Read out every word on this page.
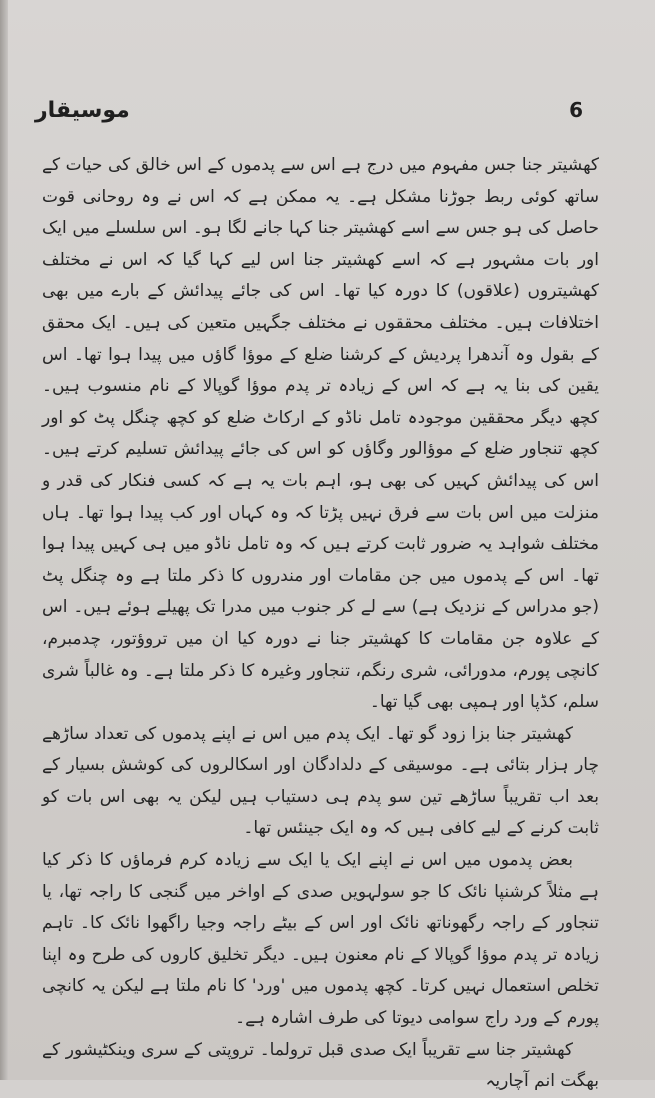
موسیقار	6

کھشیتر جنا جس مفہوم میں درج ہے اس سے پدموں کے اس خالق کی حیات کے ساتھ کوئی ربط جوڑنا مشکل ہے۔ یہ ممکن ہے کہ اس نے وہ روحانی قوت حاصل کی ہو جس سے اسے کھشیتر جنا کہا جانے لگا ہو۔ اس سلسلے میں ایک اور بات مشہور ہے کہ اسے کھشیتر جنا اس لیے کہا گیا کہ اس نے مختلف کھشیتروں (علاقوں) کا دورہ کیا تھا۔ اس کی جائے پیدائش کے بارے میں بھی اختلافات ہیں۔ مختلف محققوں نے مختلف جگہیں متعین کی ہیں۔ ایک محقق کے بقول وہ آندھرا پردیش کے کرشنا ضلع کے موؤا گاؤں میں پیدا ہوا تھا۔ اس یقین کی بنا یہ ہے کہ اس کے زیادہ تر پدم موؤا گوپالا کے نام منسوب ہیں۔ کچھ دیگر محققین موجودہ تامل ناڈو کے ارکاٹ ضلع کو کچھ چنگل پٹ کو اور کچھ تنجاور ضلع کے موؤالور وگاؤں کو اس کی جائے پیدائش تسلیم کرتے ہیں۔ اس کی پیدائش کہیں کی بھی ہو، اہم بات یہ ہے کہ کسی فنکار کی قدر و منزلت میں اس بات سے فرق نہیں پڑتا کہ وہ کہاں اور کب پیدا ہوا تھا۔ ہاں مختلف شواہد یہ ضرور ثابت کرتے ہیں کہ وہ تامل ناڈو میں ہی کہیں پیدا ہوا تھا۔ اس کے پدموں میں جن مقامات اور مندروں کا ذکر ملتا ہے وہ چنگل پٹ (جو مدراس کے نزدیک ہے) سے لے کر جنوب میں مدرا تک پھیلے ہوئے ہیں۔ اس کے علاوہ جن مقامات کا کھشیتر جنا نے دورہ کیا ان میں تروؤتور، چدمبرم، کانچی پورم، مدورائی، شری رنگم، تنجاور وغیرہ کا ذکر ملتا ہے۔ وہ غالباً شری سلم، کڈپا اور ہمپی بھی گیا تھا۔

کھشیتر جنا بزا زود گو تھا۔ ایک پدم میں اس نے اپنے پدموں کی تعداد ساڑھے چار ہزار بتائی ہے۔ موسیقی کے دلدادگان اور اسکالروں کی کوشش بسیار کے بعد اب تقریباً ساڑھے تین سو پدم ہی دستیاب ہیں لیکن یہ بھی اس بات کو ثابت کرنے کے لیے کافی ہیں کہ وہ ایک جینئس تھا۔

بعض پدموں میں اس نے اپنے ایک یا ایک سے زیادہ کرم فرماؤں کا ذکر کیا ہے مثلاً کرشنپا نائک کا جو سولہویں صدی کے اواخر میں گنجی کا راجہ تھا، یا تنجاور کے راجہ رگھوناتھ نائک اور اس کے بیٹے راجہ وجیا راگھوا نائک کا۔ تاہم زیادہ تر پدم موؤا گوپالا کے نام معنون ہیں۔ دیگر تخلیق کاروں کی طرح وہ اپنا تخلص استعمال نہیں کرتا۔ کچھ پدموں میں 'ورد' کا نام ملتا ہے لیکن یہ کانچی پورم کے ورد راج سوامی دیوتا کی طرف اشارہ ہے۔

کھشیتر جنا سے تقریباً ایک صدی قبل ترولما۔ تروپتی کے سری وینکٹیشور کے بھگت انم آچاریہ
